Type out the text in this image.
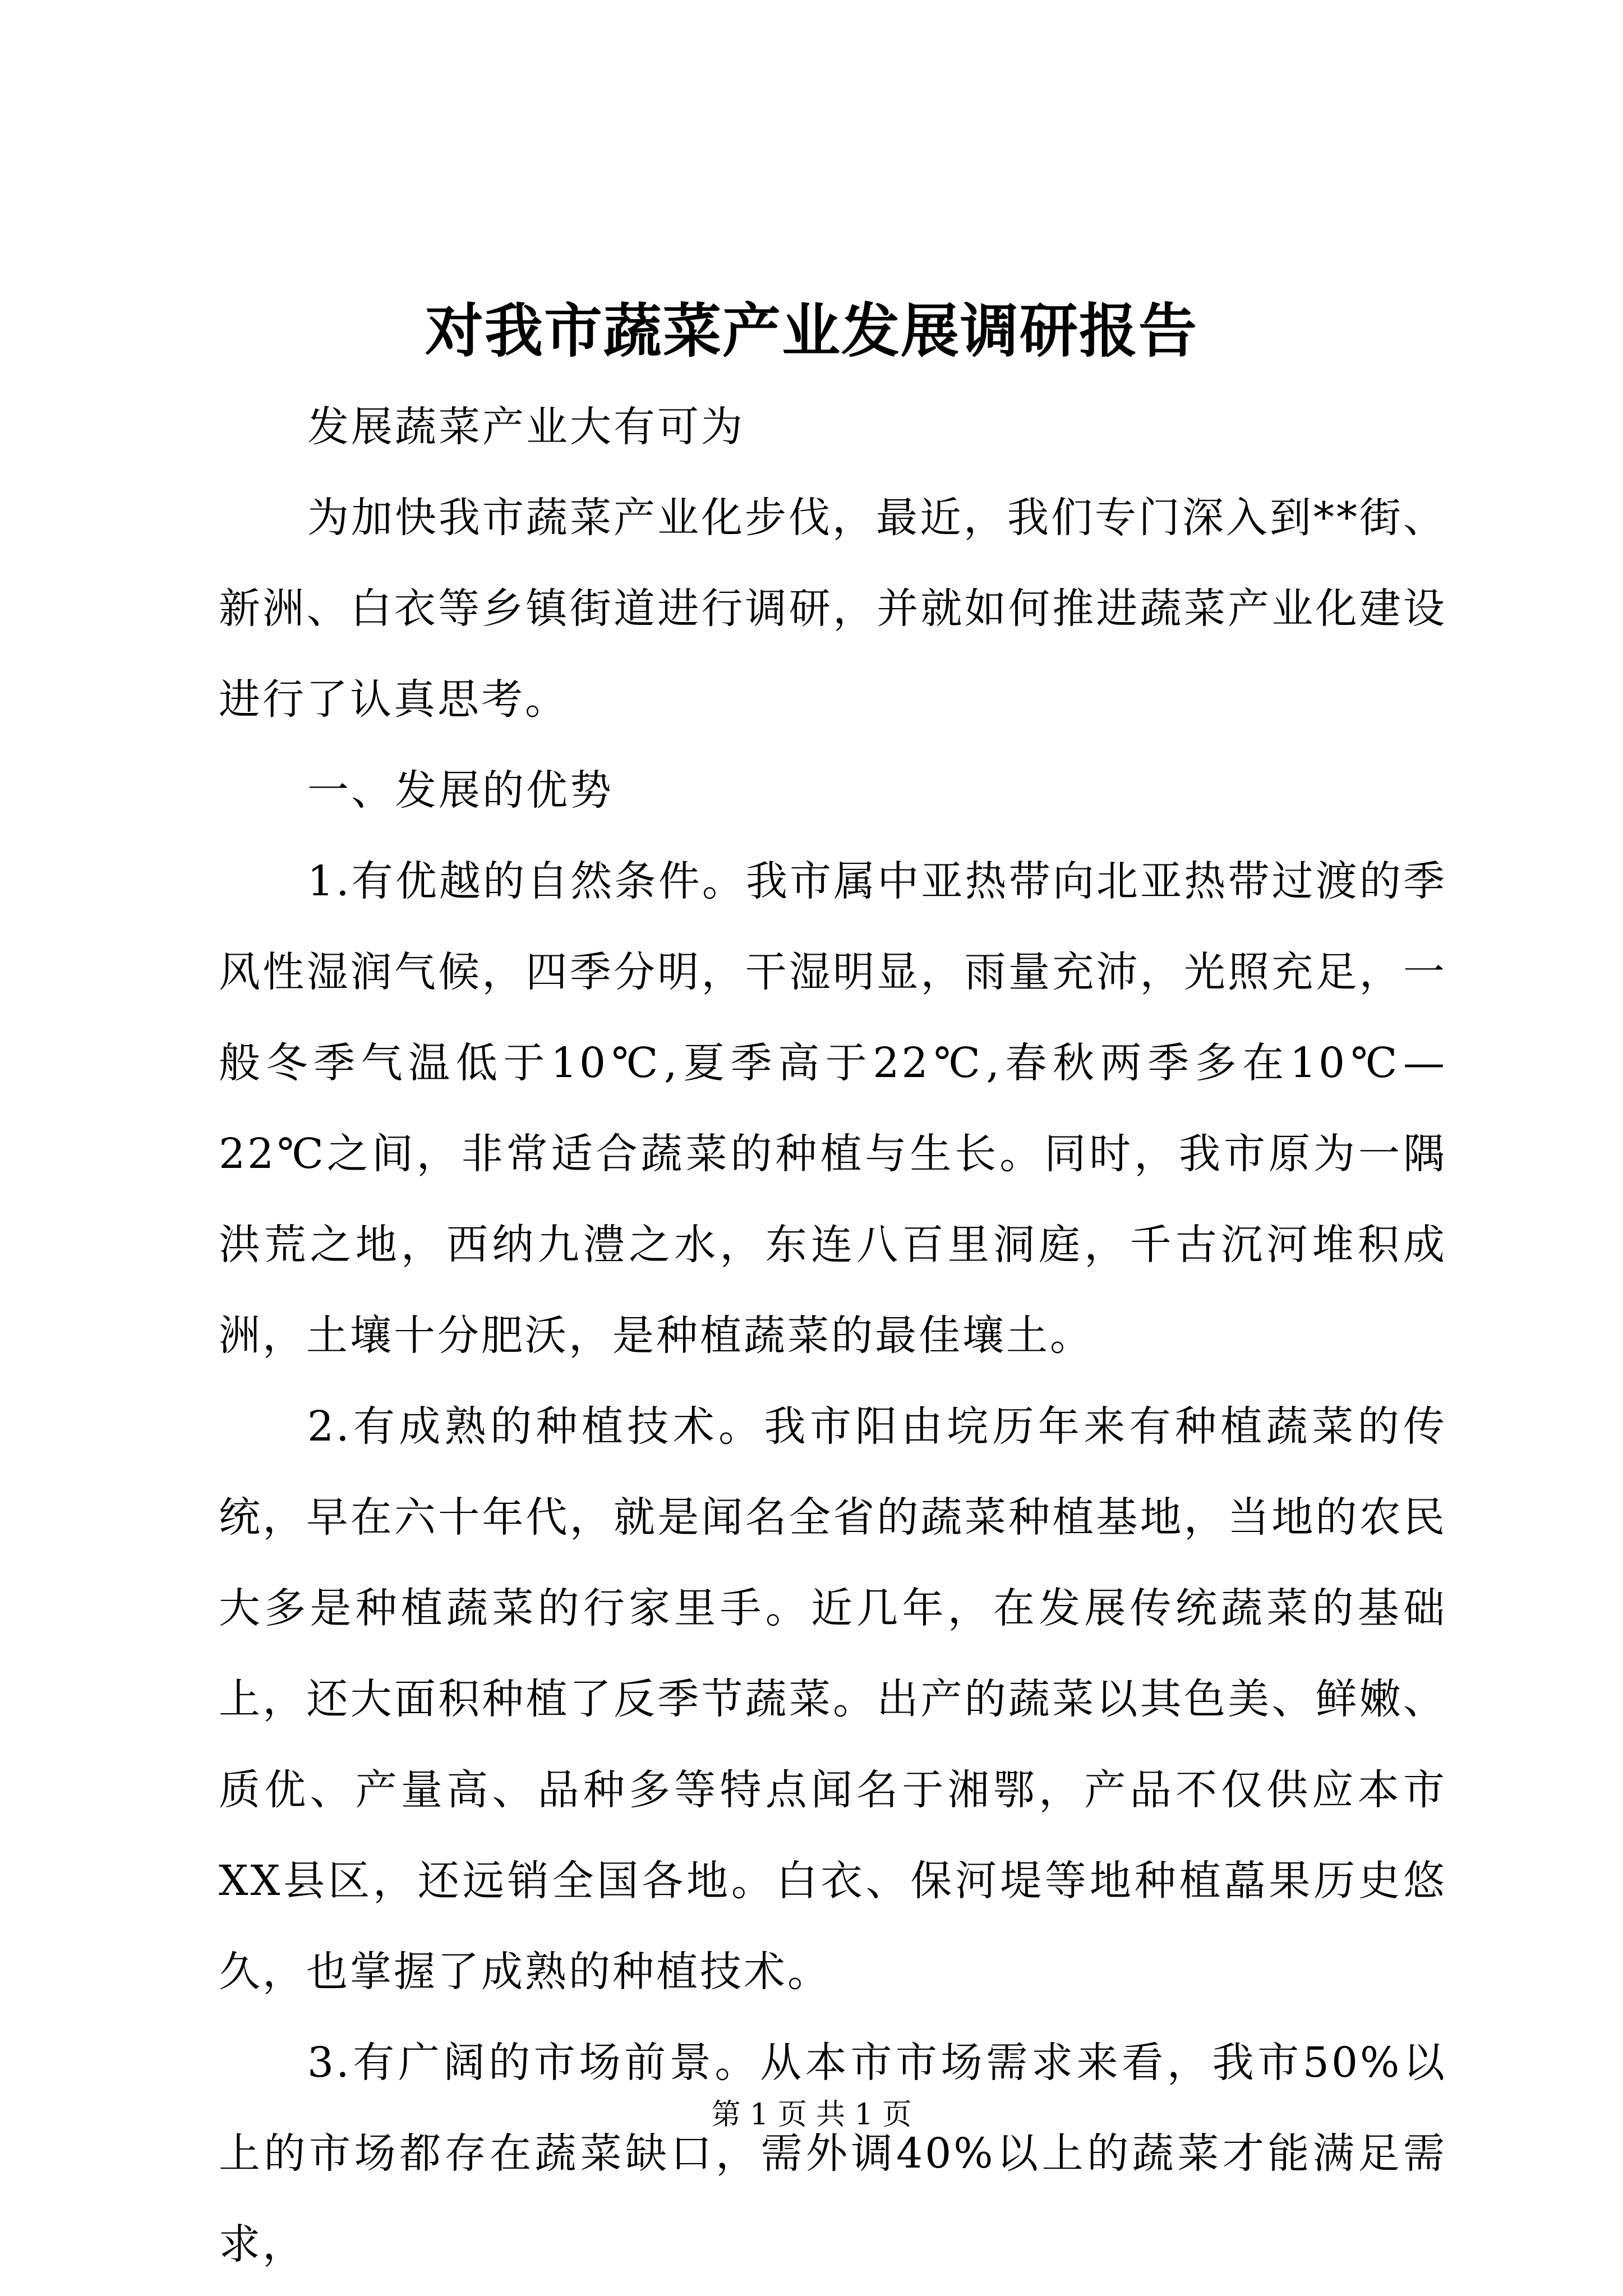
对我市蔬菜产业发展调研报告

发展蔬菜产业大有可为

为加快我市蔬菜产业化步伐，最近，我们专门深入到**街、新洲、白衣等乡镇街道进行调研，并就如何推进蔬菜产业化建设进行了认真思考。

一、发展的优势

1.有优越的自然条件。我市属中亚热带向北亚热带过渡的季风性湿润气候，四季分明，干湿明显，雨量充沛，光照充足，一般冬季气温低于10℃,夏季高于22℃,春秋两季多在10℃—22℃之间，非常适合蔬菜的种植与生长。同时，我市原为一隅洪荒之地，西纳九澧之水，东连八百里洞庭，千古沉河堆积成洲，土壤十分肥沃，是种植蔬菜的最佳壤土。

2.有成熟的种植技术。我市阳由垸历年来有种植蔬菜的传统，早在六十年代，就是闻名全省的蔬菜种植基地，当地的农民大多是种植蔬菜的行家里手。近几年，在发展传统蔬菜的基础上，还大面积种植了反季节蔬菜。出产的蔬菜以其色美、鲜嫩、质优、产量高、品种多等特点闻名于湘鄂，产品不仅供应本市XX县区，还远销全国各地。白衣、保河堤等地种植藠果历史悠久，也掌握了成熟的种植技术。

3.有广阔的市场前景。从本市市场需求来看，我市50%以上的市场都存在蔬菜缺口，需外调40%以上的蔬菜才能满足需求，

第 1 页 共 1 页
